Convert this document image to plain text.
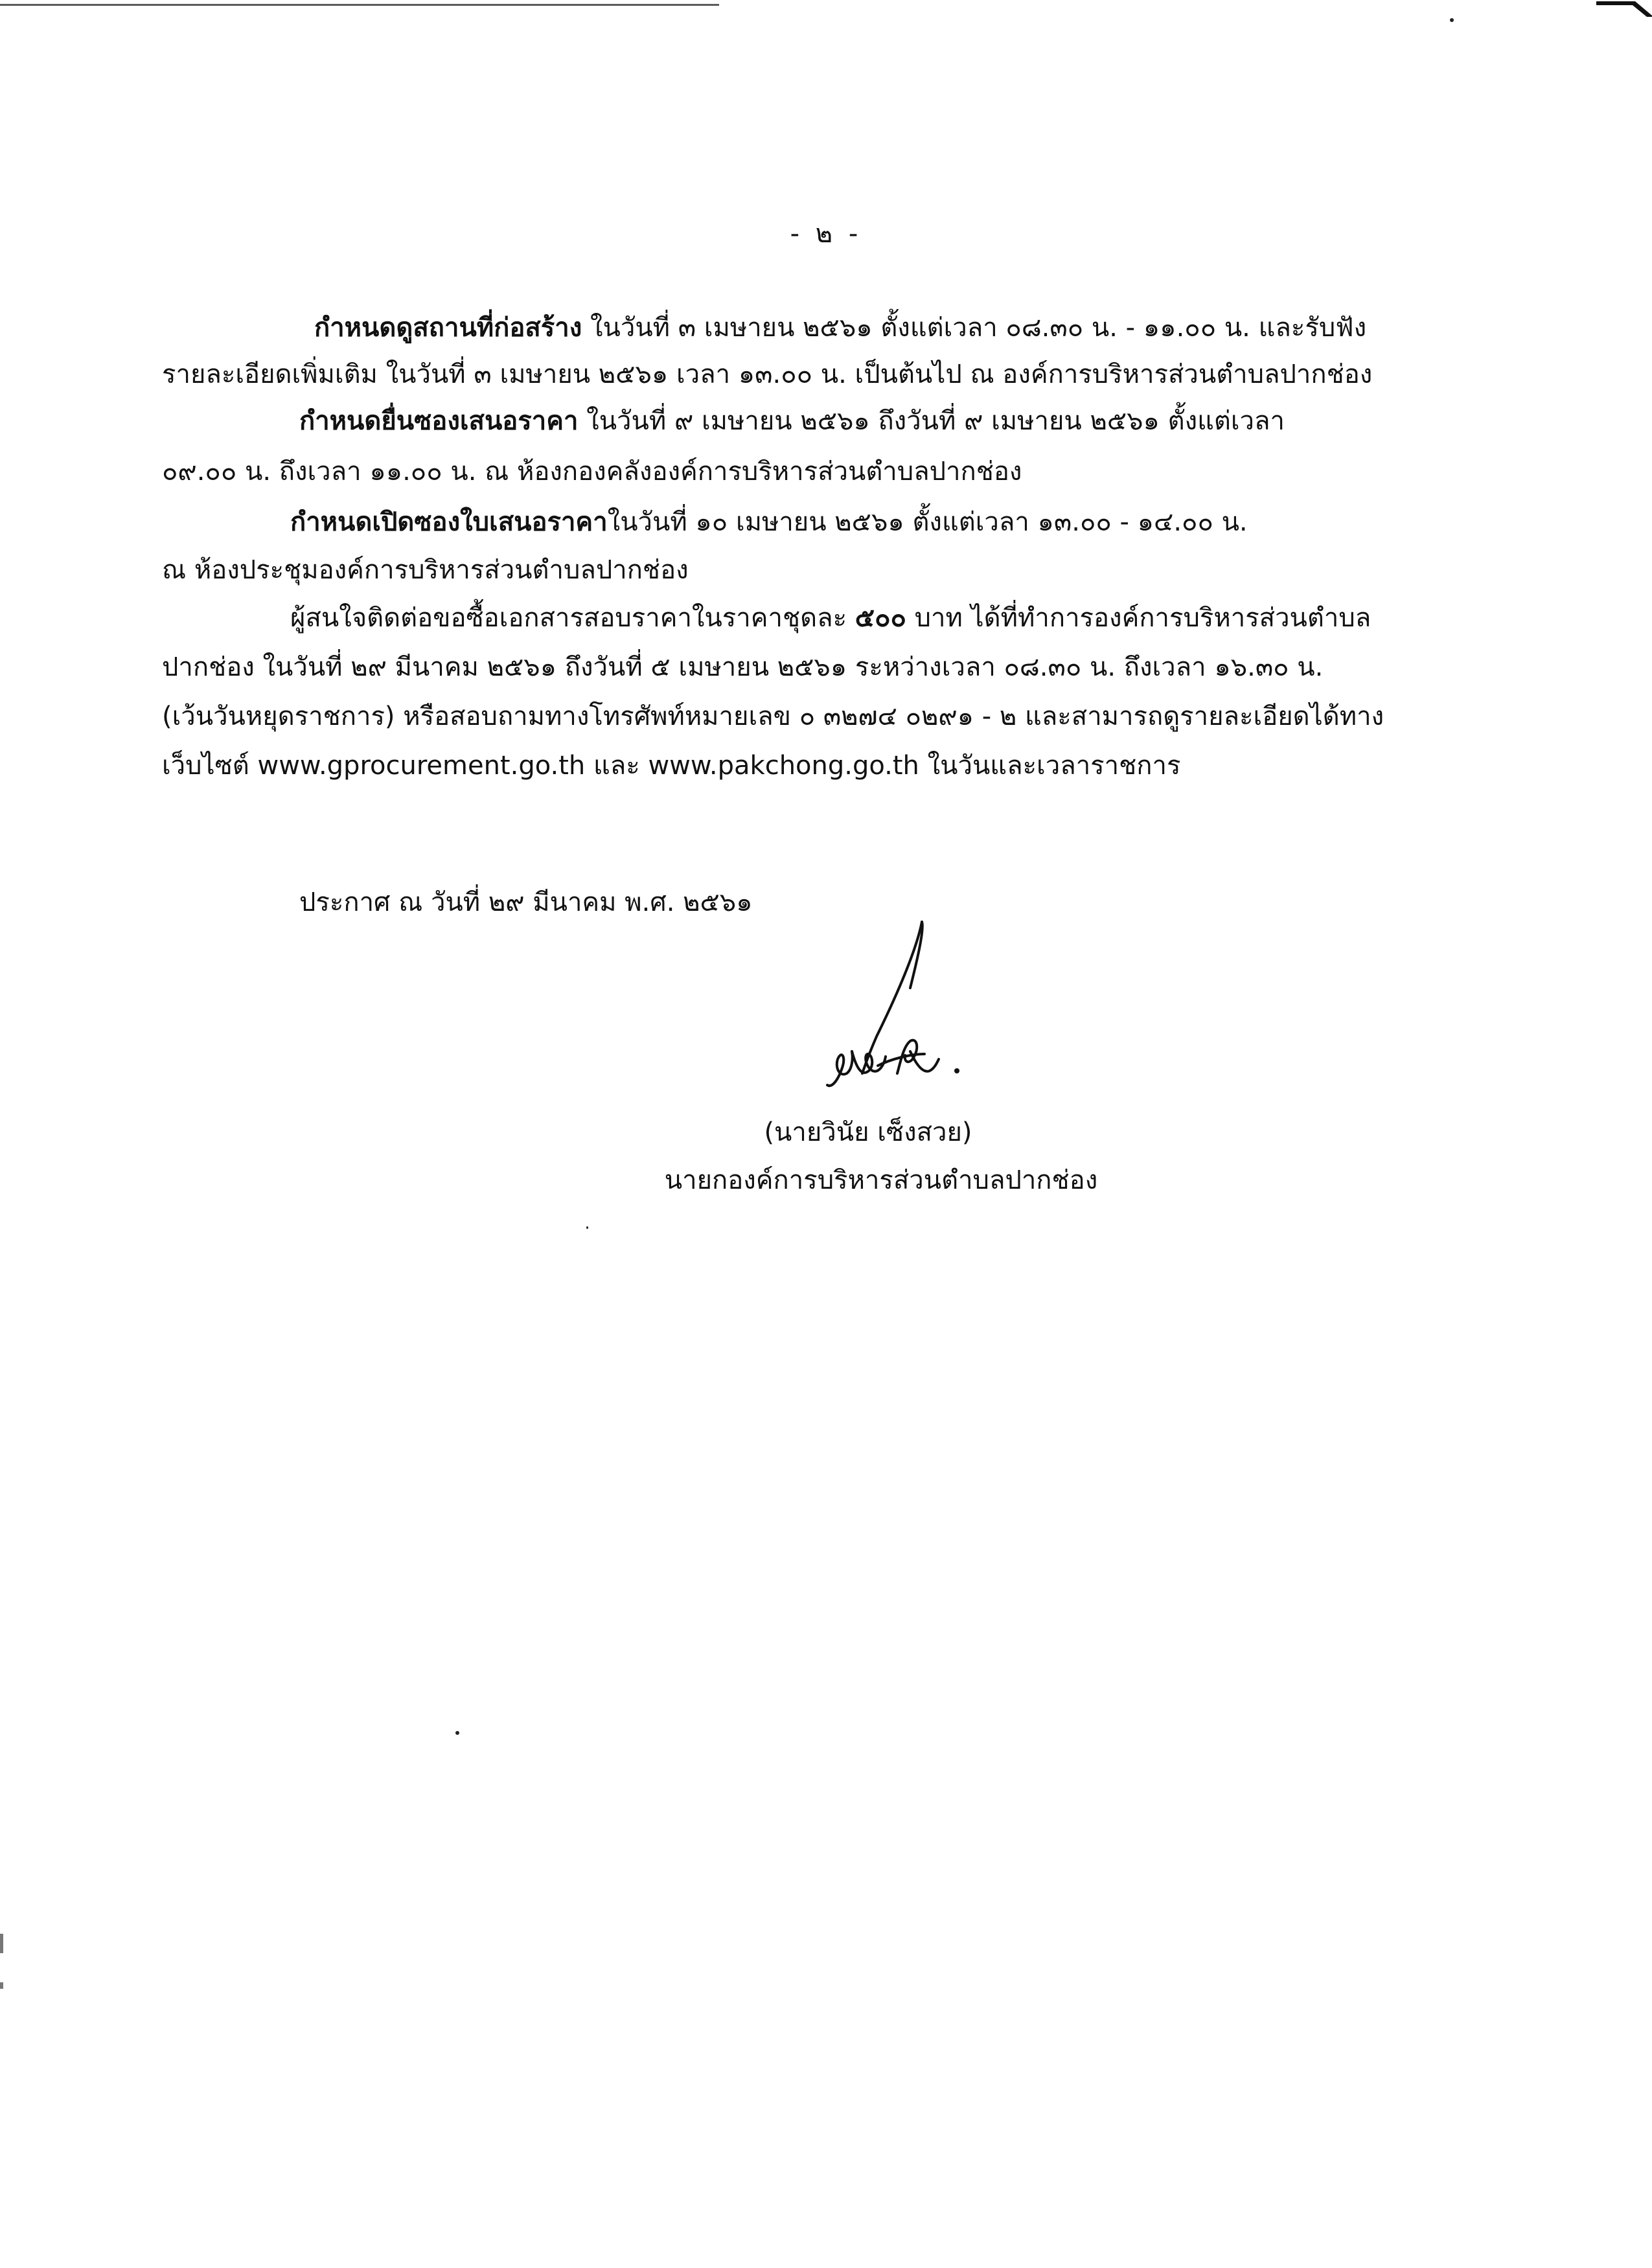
- ๒ -
กำหนดดูสถานที่ก่อสร้าง ในวันที่ ๓ เมษายน ๒๕๖๑ ตั้งแต่เวลา ๐๘.๓๐ น. - ๑๑.๐๐ น. และรับฟัง
รายละเอียดเพิ่มเติม ในวันที่ ๓ เมษายน ๒๕๖๑ เวลา ๑๓.๐๐ น. เป็นต้นไป ณ องค์การบริหารส่วนตำบลปากช่อง
กำหนดยื่นซองเสนอราคา ในวันที่ ๙ เมษายน ๒๕๖๑ ถึงวันที่ ๙ เมษายน ๒๕๖๑ ตั้งแต่เวลา
๐๙.๐๐ น. ถึงเวลา ๑๑.๐๐ น. ณ ห้องกองคลังองค์การบริหารส่วนตำบลปากช่อง
กำหนดเปิดซองใบเสนอราคาในวันที่ ๑๐ เมษายน ๒๕๖๑ ตั้งแต่เวลา ๑๓.๐๐ - ๑๔.๐๐ น.
ณ ห้องประชุมองค์การบริหารส่วนตำบลปากช่อง
ผู้สนใจติดต่อขอซื้อเอกสารสอบราคาในราคาชุดละ ๕๐๐ บาท ได้ที่ทำการองค์การบริหารส่วนตำบล
ปากช่อง ในวันที่ ๒๙ มีนาคม ๒๕๖๑ ถึงวันที่ ๕ เมษายน ๒๕๖๑ ระหว่างเวลา ๐๘.๓๐ น. ถึงเวลา ๑๖.๓๐ น.
(เว้นวันหยุดราชการ) หรือสอบถามทางโทรศัพท์หมายเลข ๐ ๓๒๗๔ ๐๒๙๑ - ๒ และสามารถดูรายละเอียดได้ทาง
เว็บไซต์ www.gprocurement.go.th และ www.pakchong.go.th ในวันและเวลาราชการ
ประกาศ ณ วันที่ ๒๙ มีนาคม พ.ศ. ๒๕๖๑
(นายวินัย เซ็งสวย)
นายกองค์การบริหารส่วนตำบลปากช่อง
